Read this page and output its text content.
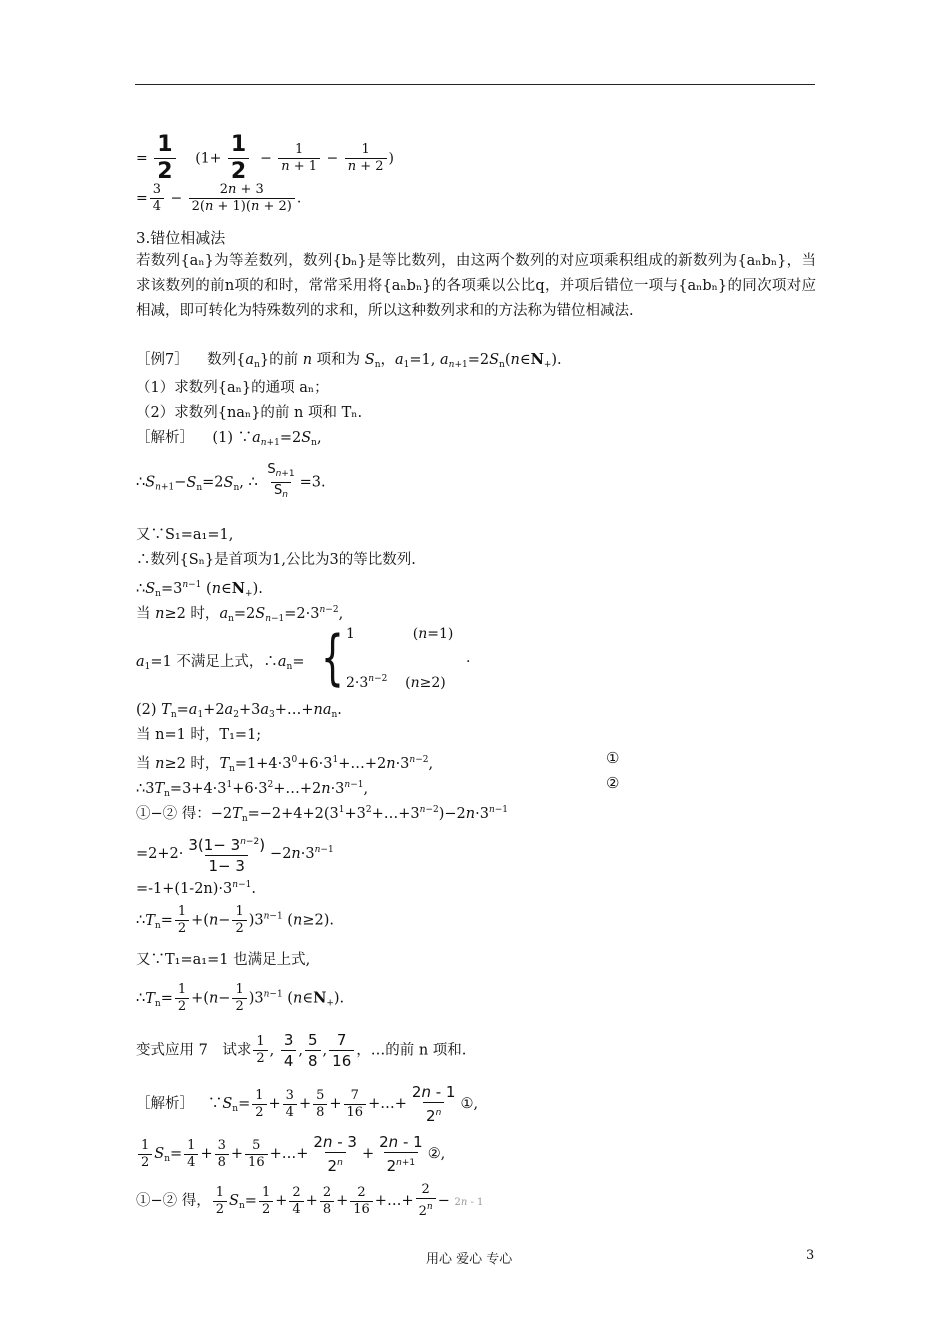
= $\frac{1}{2} (1+ \frac{1}{2} - \frac{1}{n + 1} - \frac{1}{n + 2}$ )
= $\frac{3}{4} - \frac{2n + 3}{2(n + 1)(n + 2)}$ .
3.错位相减法
若数列{aₙ}为等差数列，数列{bₙ}是等比数列，由这两个数列的对应项乘积组成的新数列为{aₙbₙ}，当求该数列的前n项的和时，常常采用将{aₙbₙ}的各项乘以公比q，并项后错位一项与{aₙbₙ}的同次项对应相减，即可转化为特殊数列的求和，所以这种数列求和的方法称为错位相减法.
［例7］    数列$\{a_n\}$的前 n 项和为 $S_n$，$a_1=1$, $a_{n+1}=2S_n(n\in N_+)$.
（1）求数列{aₙ}的通项 aₙ；
（2）求数列{naₙ}的前 n 项和 Tₙ.
［解析］    (1) $\because a_{n+1}=2S_n$,
$\therefore S_{n+1}-S_n=2S_n$, ∴ $\frac{S_{n+1}}{S_n} =3$.
又∵S₁=a₁=1,
∴数列{Sₙ}是首项为1,公比为3的等比数列.
$\therefore S_n=3^{n-1}$ $(n\in N_+)$.
当 n≥2 时，$a_n=2S_{n-1}=2\cdot 3^{n-2}$,
$a_1=1$ 不满足上式，$\therefore a_n=$ { 1             (n=1)
$2\cdot 3^{n-2}$    (n≥2)
.
(2) $T_n=a_1+2a_2+3a_3+\dots+na_n$.
当 n=1 时，T₁=1;
当 n≥2 时，$T_n=1+4\cdot 3^0+6\cdot 3^1+\dots+2n\cdot 3^{n-2}$,	①
$\therefore 3T_n=3+4\cdot 3^1+6\cdot 3^2+\dots+2n\cdot 3^{n-1}$,	②
①−② 得：$-2T_n=-2+4+2(3^1+3^2+\dots+3^{n-2})-2n\cdot 3^{n-1}$
$=2+2\cdot \frac{3(1- 3^{n-2})}{1- 3} -2n\cdot 3^{n-1}$
$=-1+(1-2n)\cdot 3^{n-1}$.
$\therefore T_n= \frac{1}{2} +(n- \frac{1}{2} )3^{n-1}$ (n≥2).
又∵T₁=a₁=1 也满足上式,
$\therefore T_n= \frac{1}{2} +(n- \frac{1}{2} )3^{n-1}$ $(n\in N_+)$.
变式应用 7　试求 $\frac{1}{2}$ , $\frac{3}{4}$ , $\frac{5}{8}$ , $\frac{7}{16}$ ，…的前 n 项和.
［解析］   $\because S_n= \frac{1}{2} + \frac{3}{4} + \frac{5}{8} + \frac{7}{16}$ +…+ $\frac{2n - 1}{2^n}$ ①,
$\frac{1}{2} S_n= \frac{1}{4} + \frac{3}{8} + \frac{5}{16}$ +…+ $\frac{2n - 3}{2^n} + \frac{2n - 1}{2^{n+1}}$ ②,
①−② 得， $\frac{1}{2} S_n= \frac{1}{2} + \frac{2}{4} + \frac{2}{8} + \frac{2}{16}$ +…+ $\frac{2}{2^n} - 2n - 1$
用心 爱心 专心	3
